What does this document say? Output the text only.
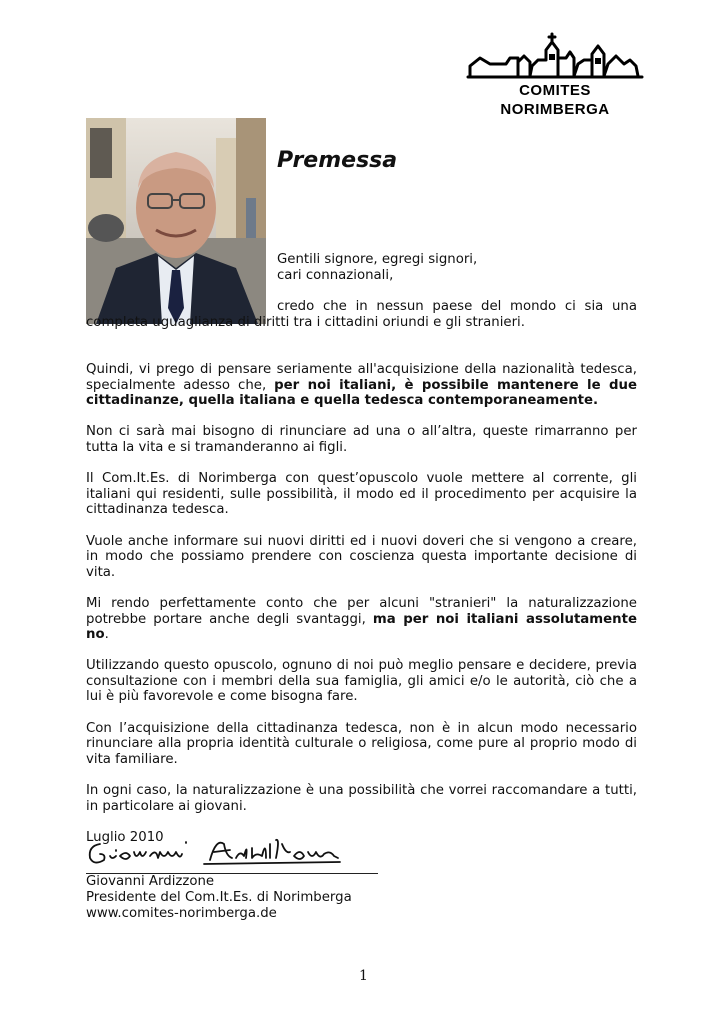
COMITES
NORIMBERGA
Premessa

Gentili signore, egregi signori,
cari connazionali,

credo che in nessun paese del mondo ci sia una completa uguaglianza di diritti tra i cittadini oriundi e gli stranieri.

Quindi, vi prego di pensare seriamente all'acquisizione della nazionalità tedesca, specialmente adesso che, per noi italiani, è possibile mantenere le due cittadinanze, quella italiana e quella tedesca contemporaneamente.

Non ci sarà mai bisogno di rinunciare ad una o all’altra, queste rimarranno per tutta la vita e si tramanderanno ai figli.

Il Com.It.Es. di Norimberga con quest’opuscolo vuole mettere al corrente, gli italiani qui residenti, sulle possibilità, il modo ed il procedimento per acquisire la cittadinanza tedesca.

Vuole anche informare sui nuovi diritti ed i nuovi doveri che si vengono a creare, in modo che possiamo prendere con coscienza questa importante decisione di vita.

Mi rendo perfettamente conto che per alcuni "stranieri" la naturalizzazione potrebbe portare anche degli svantaggi, ma per noi italiani assolutamente no.

Utilizzando questo opuscolo, ognuno di noi può meglio pensare e decidere, previa consultazione con i membri della sua famiglia, gli amici e/o le autorità, ciò che a lui è più favorevole e come bisogna fare.

Con l’acquisizione della cittadinanza tedesca, non è in alcun modo necessario rinunciare alla propria identità culturale o religiosa, come pure al proprio modo di vita familiare.

In ogni caso, la naturalizzazione è una possibilità che vorrei raccomandare a tutti, in particolare ai giovani.

Luglio 2010

Giovanni Ardizzone
Presidente del Com.It.Es. di Norimberga
www.comites-norimberga.de
1
